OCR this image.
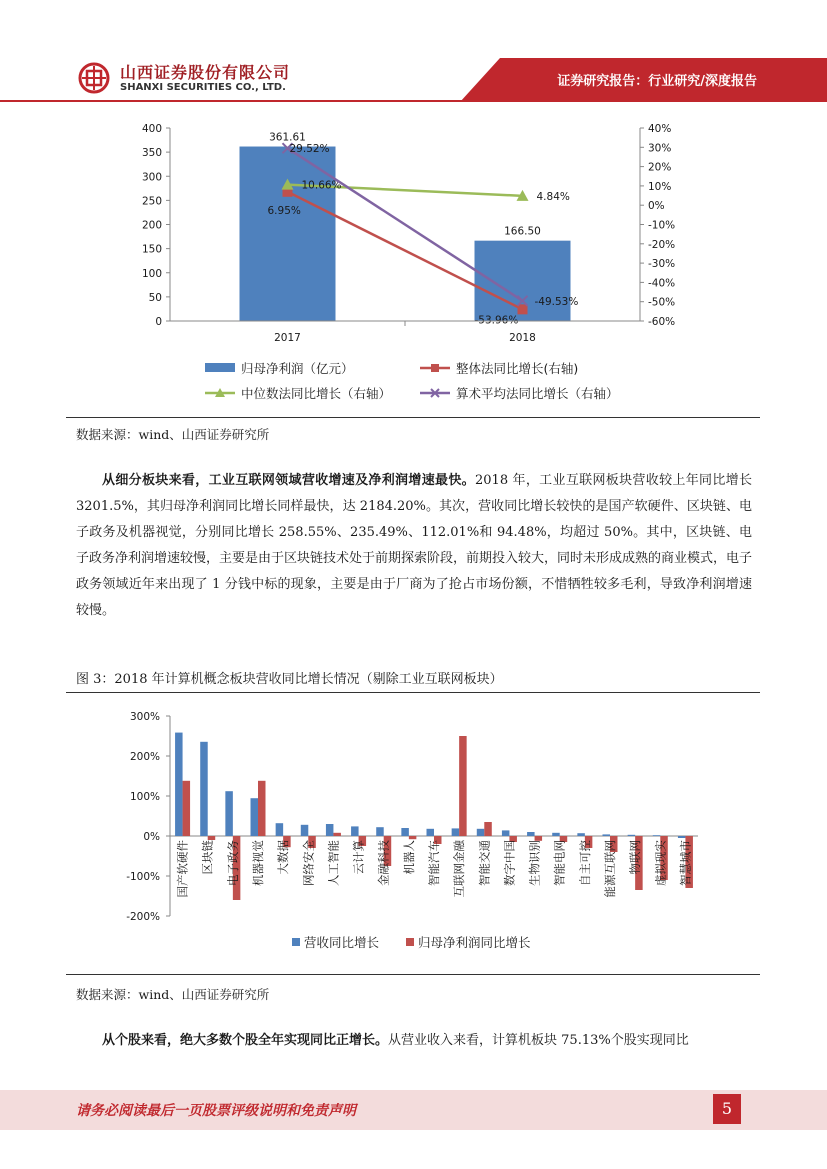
证券研究报告：行业研究/深度报告
山西证券股份有限公司
SHANXI SECURITIES CO., LTD.
361.61
166.50
6.95%
-53.96%
10.66%
4.84%
29.52%
-49.53%
400
350
300
250
200
150
100
50
0
40%
30%
20%
10%
0%
-10%
-20%
-30%
-40%
-50%
-60%
2017	2018
归母净利润（亿元）	整体法同比增长(右轴)
中位数法同比增长（右轴）	算术平均法同比增长（右轴）
数据来源：wind、山西证券研究所

从细分板块来看，工业互联网领域营收增速及净利润增速最快。2018 年，工业互联网板块营收较上年同比增长 3201.5%，其归母净利润同比增长同样最快，达 2184.20%。其次，营收同比增长较快的是国产软硬件、区块链、电子政务及机器视觉，分别同比增长 258.55%、235.49%、112.01%和 94.48%，均超过 50%。其中，区块链、电子政务净利润增速较慢，主要是由于区块链技术处于前期探索阶段，前期投入较大，同时未形成成熟的商业模式，电子政务领域近年来出现了 1 分钱中标的现象，主要是由于厂商为了抢占市场份额，不惜牺牲较多毛利，导致净利润增速较慢。

图 3：2018 年计算机概念板块营收同比增长情况（剔除工业互联网板块）
300%
200%
100%
0%
-100%
-200%
国产软硬件 区块链 电子政务 机器视觉 大数据 网络安全 人工智能 云计算 金融科技 机器人 智能汽车 互联网金融 智能交通 数字中国 生物识别 智能电网 自主可控 能源互联网 物联网 虚拟现实 智慧城市
营收同比增长	归母净利润同比增长
数据来源：wind、山西证券研究所

从个股来看，绝大多数个股全年实现同比正增长。从营业收入来看，计算机板块 75.13%个股实现同比

请务必阅读最后一页股票评级说明和免责声明	5
